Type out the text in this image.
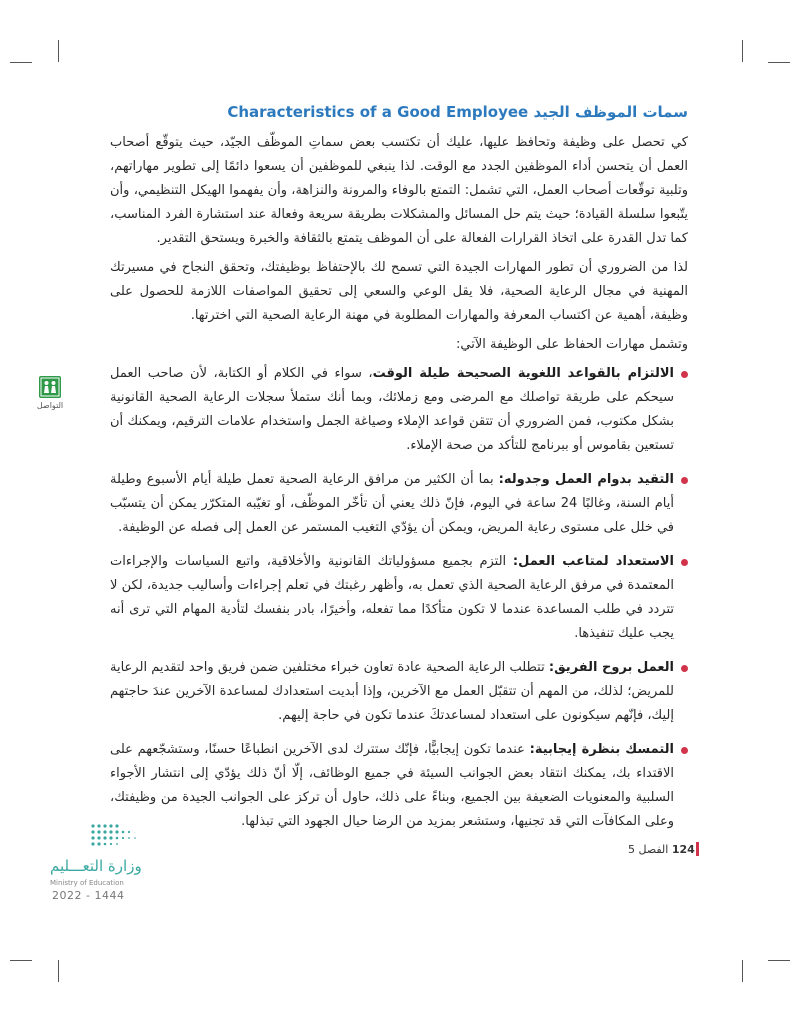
سمات الموظف الجيد Characteristics of a Good Employee

كي تحصل على وظيفة وتحافظ عليها، عليك أن تكتسب بعض سماتِ الموظّف الجيّد، حيث يتوقّع أصحاب العمل أن يتحسن أداء الموظفين الجدد مع الوقت. لذا ينبغي للموظفين أن يسعوا دائمًا إلى تطوير مهاراتهم، وتلبية توقّعات أصحاب العمل، التي تشمل: التمتع بالوفاء والمرونة والنزاهة، وأن يفهموا الهيكل التنظيمي، وأن يتّبعوا سلسلة القيادة؛ حيث يتم حل المسائل والمشكلات بطريقة سريعة وفعالة عند استشارة الفرد المناسب، كما تدل القدرة على اتخاذ القرارات الفعالة على أن الموظف يتمتع بالثقافة والخبرة ويستحق التقدير.

لذا من الضروري أن تطور المهارات الجيدة التي تسمح لك بالإحتفاظ بوظيفتك، وتحقق النجاح في مسيرتك المهنية في مجال الرعاية الصحية، فلا يقل الوعي والسعي إلى تحقيق المواصفات اللازمة للحصول على وظيفة، أهمية عن اكتساب المعرفة والمهارات المطلوبة في مهنة الرعاية الصحية التي اخترتها.

وتشمل مهارات الحفاظ على الوظيفة الآتي:

الالتزام بالقواعد اللغوية الصحيحة طيلة الوقت، سواء في الكلام أو الكتابة، لأن صاحب العمل سيحكم على طريقة تواصلك مع المرضى ومع زملائك، وبما أنك ستملأ سجلات الرعاية الصحية القانونية بشكل مكتوب، فمن الضروري أن تتقن قواعد الإملاء وصياغة الجمل واستخدام علامات الترقيم، ويمكنك أن تستعين بقاموس أو ببرنامج للتأكد من صحة الإملاء.
التقيد بدوام العمل وجدوله: بما أن الكثير من مرافق الرعاية الصحية تعمل طيلة أيام الأسبوع وطيلة أيام السنة، وغالبًا 24 ساعة في اليوم، فإنّ ذلك يعني أن تأخّر الموظّف، أو تغيّبه المتكرّر يمكن أن يتسبّب في خلل على مستوى رعاية المريض، ويمكن أن يؤدّي التغيب المستمر عن العمل إلى فصله عن الوظيفة.
الاستعداد لمتاعب العمل: التزم بجميع مسؤولياتك القانونية والأخلاقية، واتبع السياسات والإجراءات المعتمدة في مرفق الرعاية الصحية الذي تعمل به، وأظهر رغبتك في تعلم إجراءات وأساليب جديدة، لكن لا تتردد في طلب المساعدة عندما لا تكون متأكدًا مما تفعله، وأخيرًا، بادر بنفسك لتأدية المهام التي ترى أنه يجب عليك تنفيذها.
العمل بروح الفريق: تتطلب الرعاية الصحية عادة تعاون خبراء مختلفين ضمن فريق واحد لتقديم الرعاية للمريض؛ لذلك، من المهم أن تتقبّل العمل مع الآخرين، وإذا أبديت استعدادك لمساعدة الآخرين عندَ حاجتهم إليك، فإنّهم سيكونون على استعداد لمساعدتكَ عندما تكون في حاجة إليهم.
التمسك بنظرة إيجابية: عندما تكون إيجابيًّا، فإنّك ستترك لدى الآخرين انطباعًا حسنًا، وستشجّعهم على الاقتداء بك، يمكنك انتقاد بعض الجوانب السيئة في جميع الوظائف، إلّا أنّ ذلك يؤدّي إلى انتشار الأجواء السلبية والمعنويات الضعيفة بين الجميع، وبناءً على ذلك، حاول أن تركز على الجوانب الجيدة من وظيفتك، وعلى المكافآت التي قد تجنيها، وستشعر بمزيد من الرضا حيال الجهود التي تبذلها.
التواصل
124 الفصل 5
وزارة التعـــليم
Ministry of Education
2022 - 1444
